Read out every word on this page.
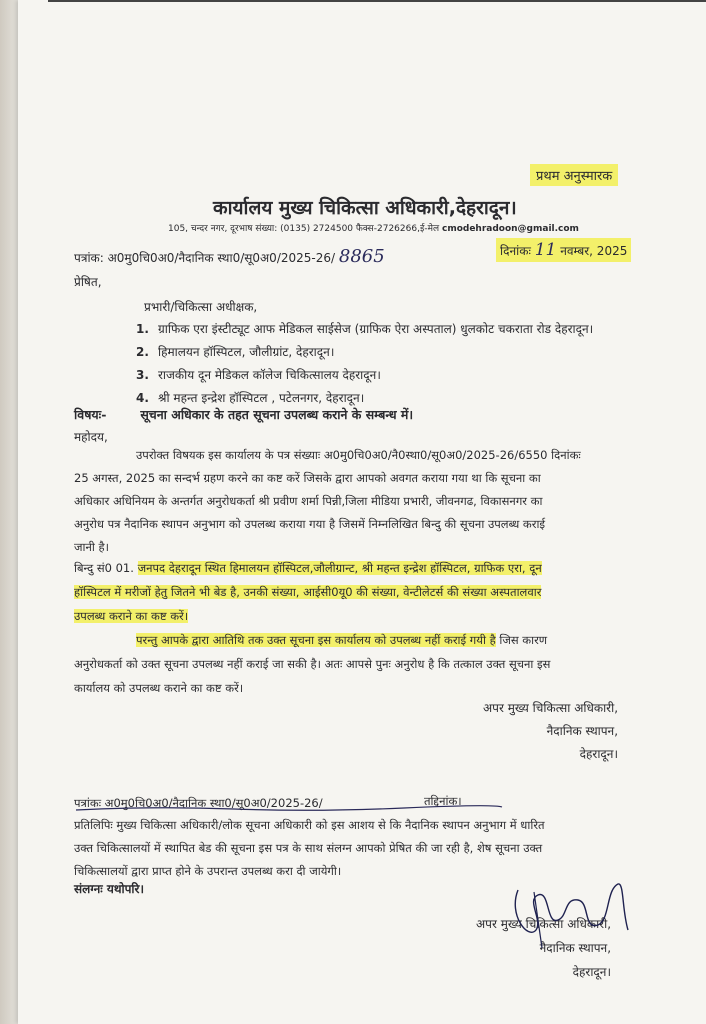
प्रथम अनुस्मारक
कार्यालय मुख्य चिकित्सा अधिकारी,देहरादून।
105, चन्दर नगर, दूरभाष संख्या: (0135) 2724500 फैक्स-2726266,ई-मेल cmodehradoon@gmail.com
पत्रांक: अ0मु0चि0अ0/नैदानिक स्था0/सू0अ0/2025-26/ 8865	दिनांकः 11 नवम्बर, 2025
प्रेषित,
प्रभारी/चिकित्सा अधीक्षक,
1. ग्राफिक एरा इंस्टीट्यूट आफ मेडिकल साईसेज (ग्राफिक ऐरा अस्पताल) धुलकोट चकराता रोड देहरादून।
2. हिमालयन हॉस्पिटल, जौलीग्रांट, देहरादून।
3. राजकीय दून मेडिकल कॉलेज चिकित्सालय देहरादून।
4. श्री महन्त इन्द्रेश हॉस्पिटल , पटेलनगर, देहरादून।
विषयः-	सूचना अधिकार के तहत सूचना उपलब्ध कराने के सम्बन्ध में।
महोदय,
उपरोक्त विषयक इस कार्यालय के पत्र संख्याः अ0मु0चि0अ0/नै0स्था0/सू0अ0/2025-26/6550 दिनांकः
25 अगस्त, 2025 का सन्दर्भ ग्रहण करने का कष्ट करें जिसके द्वारा आपको अवगत कराया गया था कि सूचना का
अधिकार अधिनियम के अन्तर्गत अनुरोधकर्ता श्री प्रवीण शर्मा पिन्नी,जिला मीडिया प्रभारी, जीवनगढ, विकासनगर का
अनुरोध पत्र नैदानिक स्थापन अनुभाग को उपलब्ध कराया गया है जिसमें निम्नलिखित बिन्दु की सूचना उपलब्ध कराई
जानी है।
बिन्दु सं0 01. जनपद देहरादून स्थित हिमालयन हॉस्पिटल,जौलीग्रान्ट, श्री महन्त इन्द्रेश हॉस्पिटल, ग्राफिक एरा, दून
हॉस्पिटल में मरीजों हेतु जितने भी बेड है, उनकी संख्या, आईसी0यू0 की संख्या, वेन्टीलेटर्स की संख्या अस्पतालवार
उपलब्ध कराने का कष्ट करें।
परन्तु आपके द्वारा आतिथि तक उक्त सूचना इस कार्यालय को उपलब्ध नहीं कराई गयी है जिस कारण
अनुरोधकर्ता को उक्त सूचना उपलब्ध नहीं कराई जा सकी है। अतः आपसे पुनः अनुरोध है कि तत्काल उक्त सूचना इस
कार्यालय को उपलब्ध कराने का कष्ट करें।
अपर मुख्य चिकित्सा अधिकारी,
नैदानिक स्थापन,
देहरादून।
पत्रांकः अ0मु0चि0अ0/नैदानिक स्था0/सू0अ0/2025-26/	तद्दिनांक।
प्रतिलिपिः मुख्य चिकित्सा अधिकारी/लोक सूचना अधिकारी को इस आशय से कि नैदानिक स्थापन अनुभाग में धारित
उक्त चिकित्सालयों में स्थापित बेड की सूचना इस पत्र के साथ संलग्न आपको प्रेषित की जा रही है, शेष सूचना उक्त
चिकित्सालयों द्वारा प्राप्त होने के उपरान्त उपलब्ध करा दी जायेगी।
संलग्नः यथोपरि।
अपर मुख्य चिकित्सा अधिकारी,
नैदानिक स्थापन,
देहरादून।
